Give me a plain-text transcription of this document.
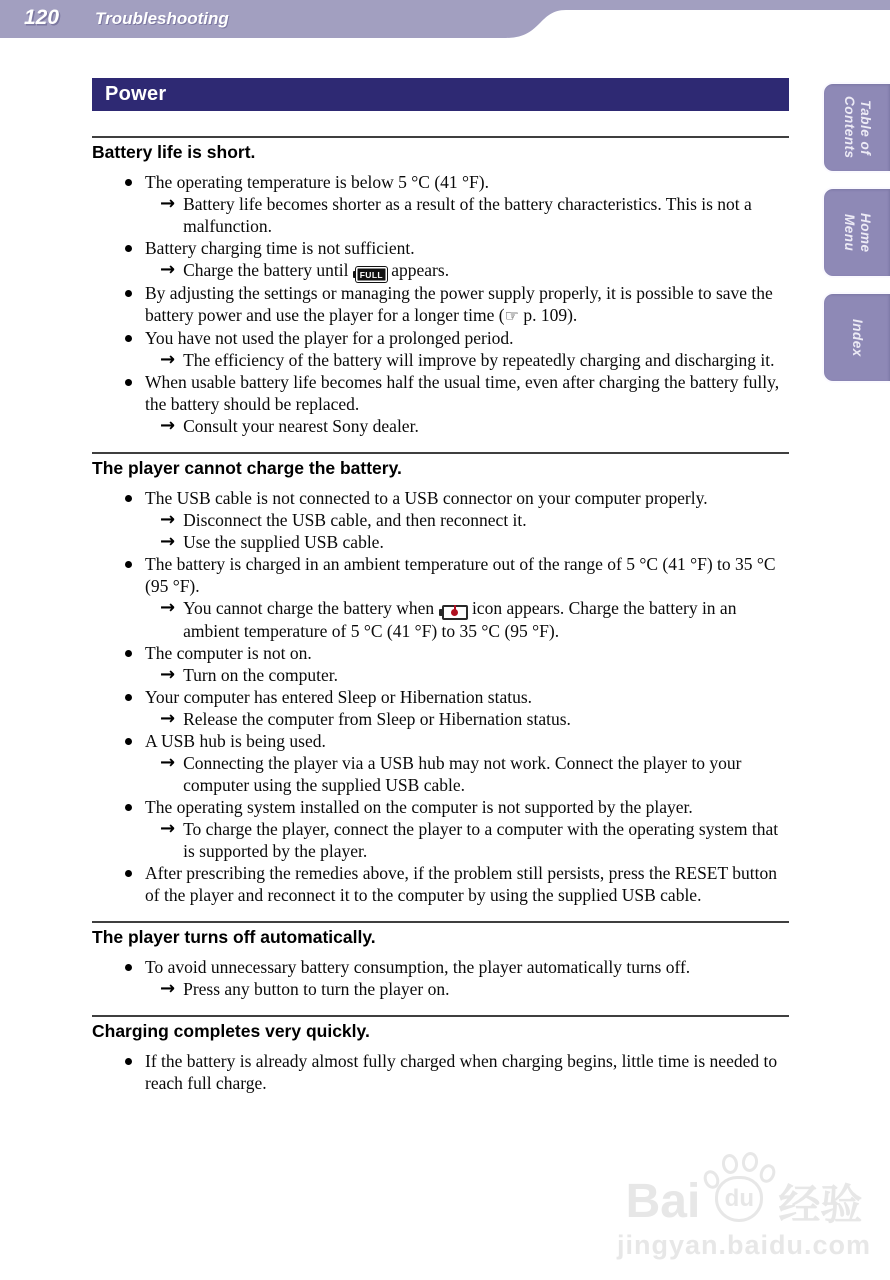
120 Troubleshooting
Power
Table of
Contents
Home
Menu
Index
Battery life is short.
The operating temperature is below 5 °C (41 °F).
→ Battery life becomes shorter as a result of the battery characteristics. This is not a malfunction.
Battery charging time is not sufficient.
→ Charge the battery until FULL appears.
By adjusting the settings or managing the power supply properly, it is possible to save the battery power and use the player for a longer time (☞ p. 109).
You have not used the player for a prolonged period.
→ The efficiency of the battery will improve by repeatedly charging and discharging it.
When usable battery life becomes half the usual time, even after charging the battery fully, the battery should be replaced.
→ Consult your nearest Sony dealer.
The player cannot charge the battery.
The USB cable is not connected to a USB connector on your computer properly.
→ Disconnect the USB cable, and then reconnect it.
→ Use the supplied USB cable.
The battery is charged in an ambient temperature out of the range of 5 °C (41 °F) to 35 °C (95 °F).
→ You cannot charge the battery when
icon appears. Charge the battery in an ambient temperature of 5 °C (41 °F) to 35 °C (95 °F).
The computer is not on.
→ Turn on the computer.
Your computer has entered Sleep or Hibernation status.
→ Release the computer from Sleep or Hibernation status.
A USB hub is being used.
→ Connecting the player via a USB hub may not work. Connect the player to your computer using the supplied USB cable.
The operating system installed on the computer is not supported by the player.
→ To charge the player, connect the player to a computer with the operating system that is supported by the player.
After prescribing the remedies above, if the problem still persists, press the RESET button of the player and reconnect it to the computer by using the supplied USB cable.
The player turns off automatically.
To avoid unnecessary battery consumption, the player automatically turns off.
→ Press any button to turn the player on.
Charging completes very quickly.
If the battery is already almost fully charged when charging begins, little time is needed to reach full charge.
Bai du 经验
jingyan.baidu.com
